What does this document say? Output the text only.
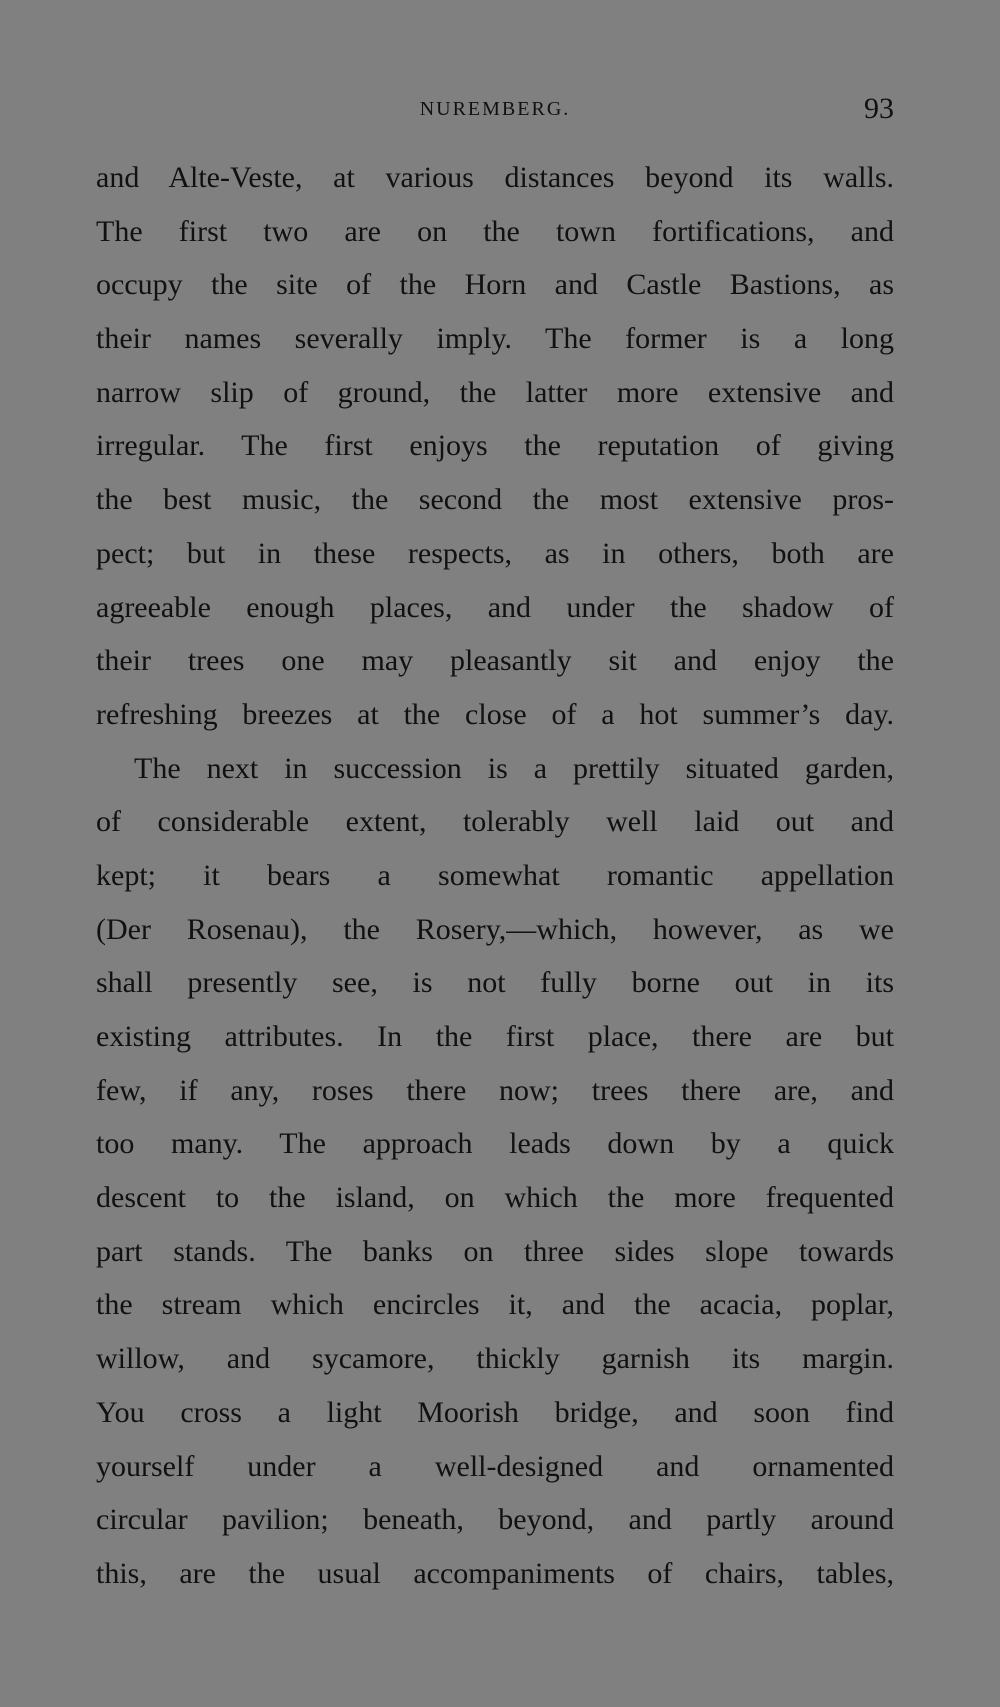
NUREMBERG.	93
and Alte-Veste, at various distances beyond its walls.
The first two are on the town fortifications, and
occupy the site of the Horn and Castle Bastions, as
their names severally imply. The former is a long
narrow slip of ground, the latter more extensive and
irregular. The first enjoys the reputation of giving
the best music, the second the most extensive pros-
pect; but in these respects, as in others, both are
agreeable enough places, and under the shadow of
their trees one may pleasantly sit and enjoy the
refreshing breezes at the close of a hot summer’s day.
The next in succession is a prettily situated garden,
of considerable extent, tolerably well laid out and
kept; it bears a somewhat romantic appellation
(Der Rosenau), the Rosery,—which, however, as we
shall presently see, is not fully borne out in its
existing attributes. In the first place, there are but
few, if any, roses there now; trees there are, and
too many. The approach leads down by a quick
descent to the island, on which the more frequented
part stands. The banks on three sides slope towards
the stream which encircles it, and the acacia, poplar,
willow, and sycamore, thickly garnish its margin.
You cross a light Moorish bridge, and soon find
yourself under a well-designed and ornamented
circular pavilion; beneath, beyond, and partly around
this, are the usual accompaniments of chairs, tables,
